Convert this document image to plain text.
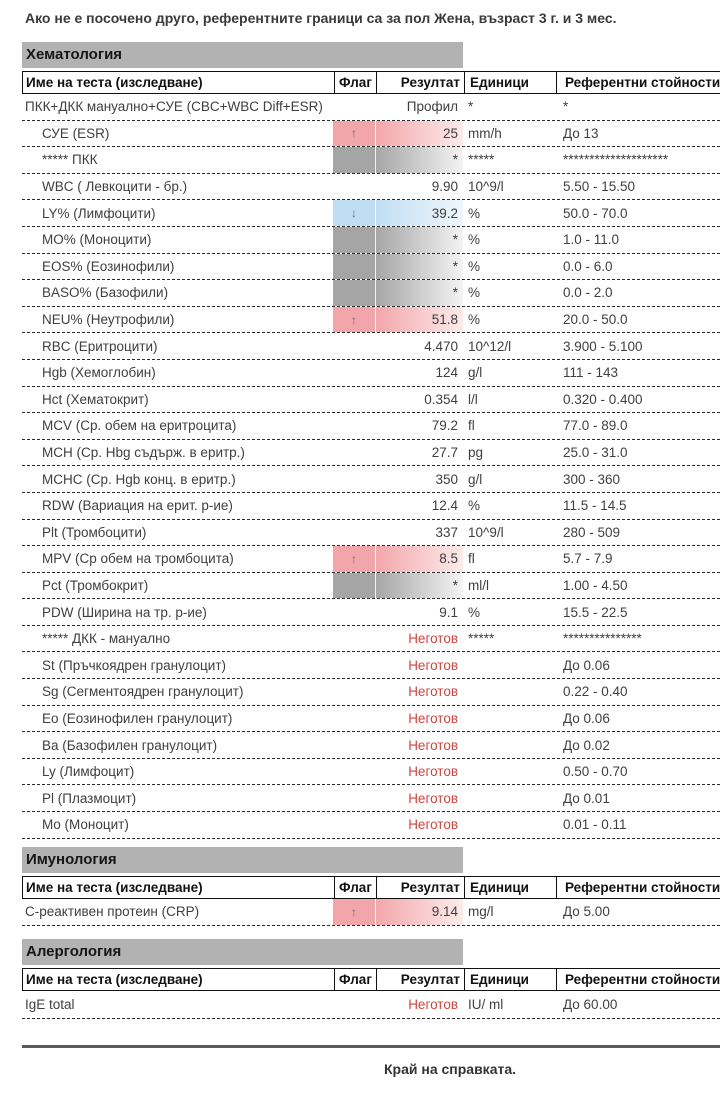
Ако не е посочено друго, референтните граници са за пол Жена, възраст 3 г. и 3 мес.
Хематология
Име на теста (изследване)	Флаг	Резултат Единици	Референтни стойности
ПКК+ДКК мануално+СУЕ (CBC+WBC Diff+ESR)	Профил *	*
СУЕ (ESR)	↑	25 mm/h	До 13
***** ПКК	* *****	********************
WBC ( Левкоцити - бр.)	9.90 10^9/l	5.50 - 15.50
LY% (Лимфоцити)	↓	39.2 %	50.0 - 70.0
MO% (Моноцити)	* %	1.0 - 11.0
EOS% (Еозинофили)	* %	0.0 - 6.0
BASO% (Базофили)	* %	0.0 - 2.0
NEU% (Неутрофили)	↑	51.8 %	20.0 - 50.0
RBC (Еритроцити)	4.470 10^12/l	3.900 - 5.100
Hgb (Хемоглобин)	124 g/l	111 - 143
Hct (Хематокрит)	0.354 l/l	0.320 - 0.400
MCV (Ср. обем на еритроцита)	79.2 fl	77.0 - 89.0
MCH (Ср. Hbg съдърж. в еритр.)	27.7 pg	25.0 - 31.0
MCHC (Ср. Hgb конц. в еритр.)	350 g/l	300 - 360
RDW (Вариация на ерит. р-ие)	12.4 %	11.5 - 14.5
Plt (Тромбоцити)	337 10^9/l	280 - 509
MPV (Ср обем на тромбоцита)	↑	8.5 fl	5.7 - 7.9
Pct (Тромбокрит)	* ml/l	1.00 - 4.50
PDW (Ширина на тр. р-ие)	9.1 %	15.5 - 22.5
***** ДКК - мануално	Неготов *****	***************
St (Пръчкоядрен гранулоцит)	Неготов	До 0.06
Sg (Сегментоядрен гранулоцит)	Неготов	0.22 - 0.40
Eo (Еозинофилен гранулоцит)	Неготов	До 0.06
Ba (Базофилен гранулоцит)	Неготов	До 0.02
Ly (Лимфоцит)	Неготов	0.50 - 0.70
Pl (Плазмоцит)	Неготов	До 0.01
Mo (Моноцит)	Неготов	0.01 - 0.11
Имунология
Име на теста (изследване)	Флаг	Резултат Единици	Референтни стойности
С-реактивен протеин (CRP)	↑	9.14 mg/l	До 5.00
Алергология
Име на теста (изследване)	Флаг	Резултат Единици	Референтни стойности
IgE total	Неготов IU/ ml	До 60.00
Край на справката.
